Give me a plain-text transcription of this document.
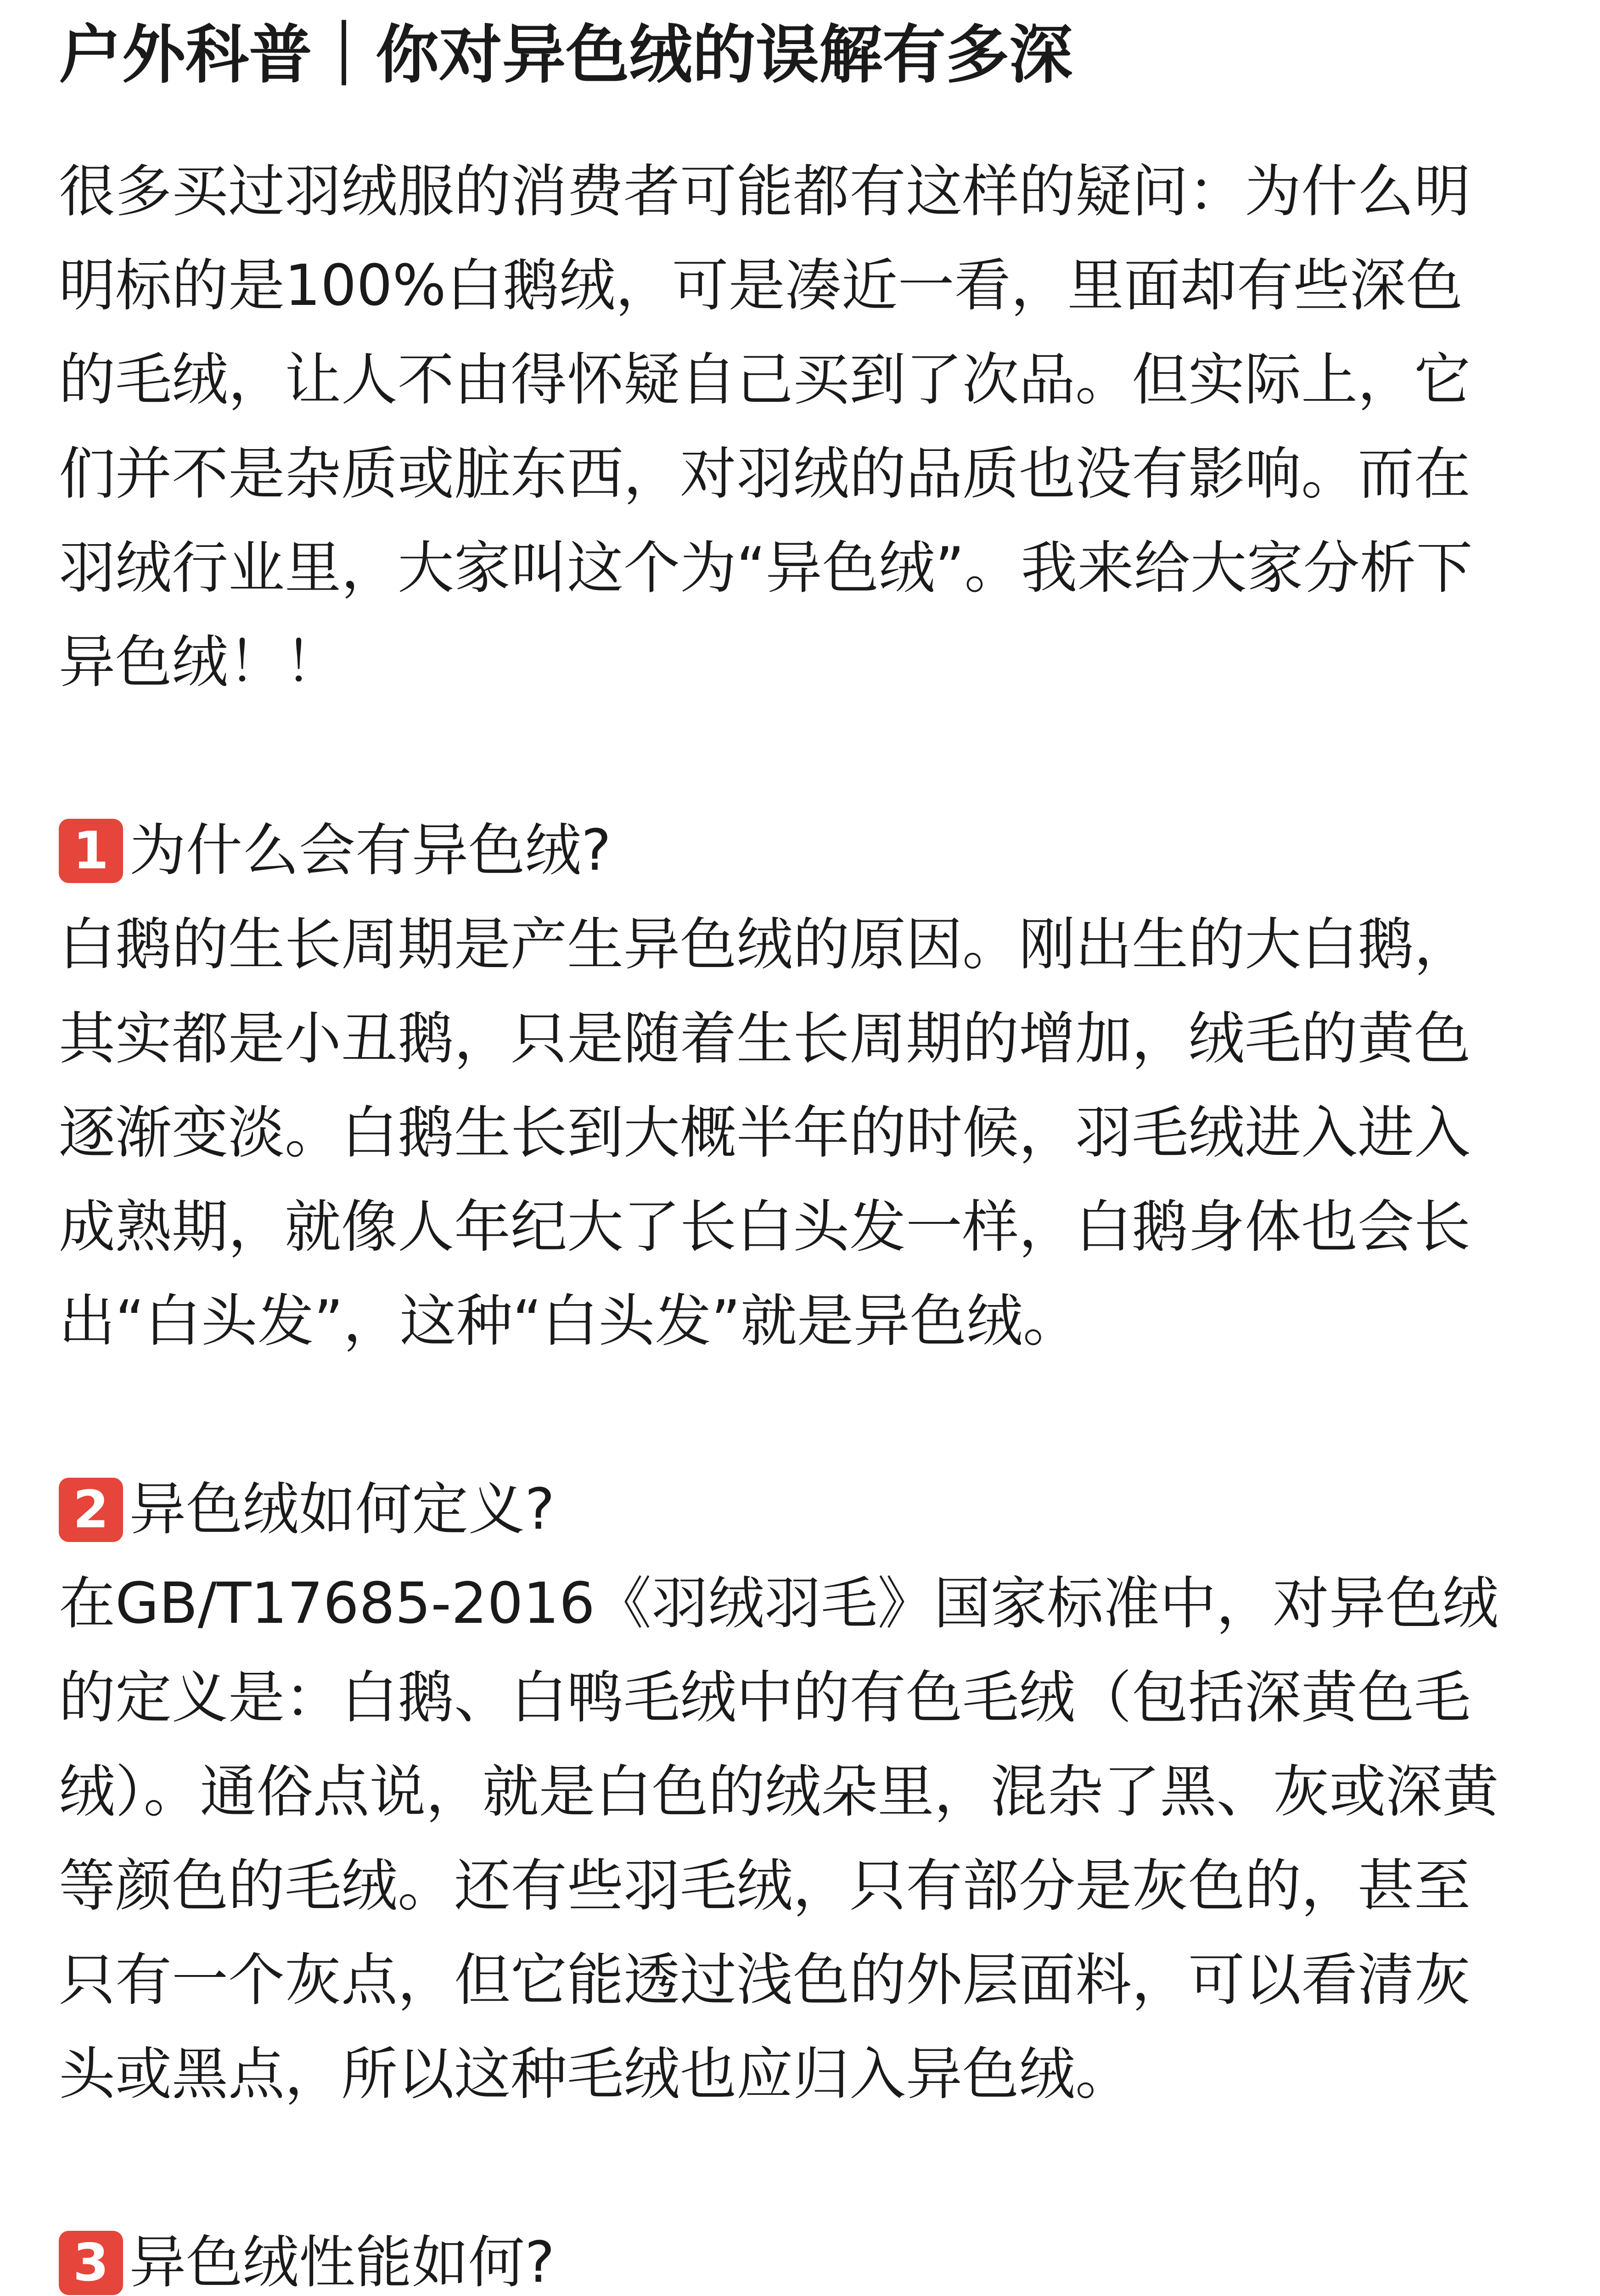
户外科普｜你对异色绒的误解有多深
很多买过羽绒服的消费者可能都有这样的疑问：为什么明
明标的是100%白鹅绒，可是凑近一看，里面却有些深色
的毛绒，让人不由得怀疑自己买到了次品。但实际上，它
们并不是杂质或脏东西，对羽绒的品质也没有影响。而在
羽绒行业里，大家叫这个为“异色绒”。我来给大家分析下
异色绒！！
1 为什么会有异色绒?
白鹅的生长周期是产生异色绒的原因。刚出生的大白鹅，
其实都是小丑鹅，只是随着生长周期的增加，绒毛的黄色
逐渐变淡。白鹅生长到大概半年的时候，羽毛绒进入进入
成熟期，就像人年纪大了长白头发一样，白鹅身体也会长
出“白头发”，这种“白头发”就是异色绒。
2 异色绒如何定义?
在GB/T17685-2016《羽绒羽毛》国家标准中，对异色绒
的定义是：白鹅、白鸭毛绒中的有色毛绒（包括深黄色毛
绒）。通俗点说，就是白色的绒朵里，混杂了黑、灰或深黄
等颜色的毛绒。还有些羽毛绒，只有部分是灰色的，甚至
只有一个灰点，但它能透过浅色的外层面料，可以看清灰
头或黑点，所以这种毛绒也应归入异色绒。
3 异色绒性能如何?
